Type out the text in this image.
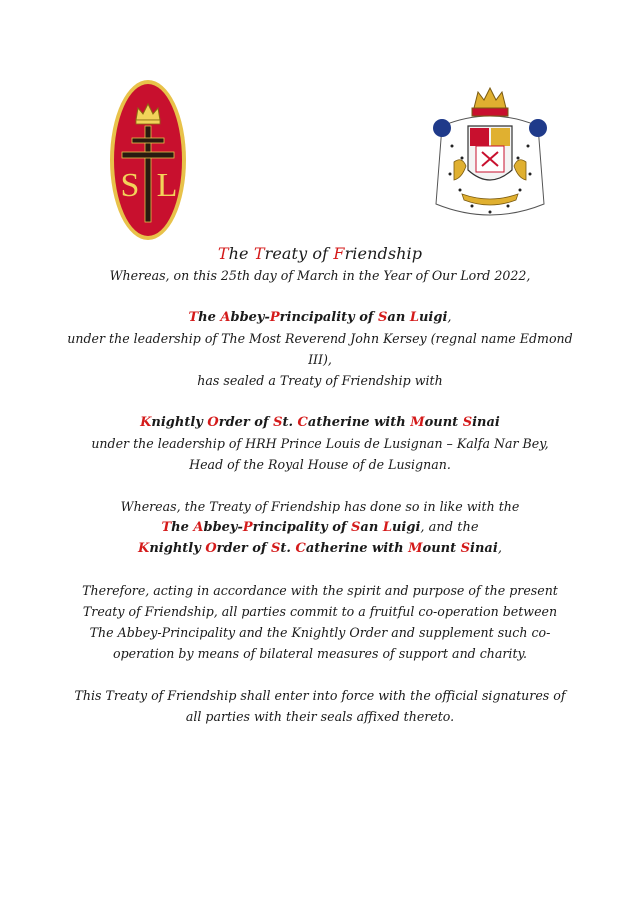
S L
The Treaty of Friendship
Whereas, on this 25th day of March in the Year of Our Lord 2022,
The Abbey-Principality of San Luigi,
under the leadership of The Most Reverend John Kersey (regnal name Edmond III),
has sealed a Treaty of Friendship with
Knightly Order of St. Catherine with Mount Sinai
under the leadership of HRH Prince Louis de Lusignan – Kalfa Nar Bey,
Head of the Royal House of de Lusignan.
Whereas, the Treaty of Friendship has done so in like with the
The Abbey-Principality of San Luigi, and the
Knightly Order of St. Catherine with Mount Sinai,

Therefore, acting in accordance with the spirit and purpose of the present Treaty of Friendship, all parties commit to a fruitful co-operation between The Abbey-Principality and the Knightly Order and supplement such co-operation by means of bilateral measures of support and charity.

This Treaty of Friendship shall enter into force with the official signatures of all parties with their seals affixed thereto.
